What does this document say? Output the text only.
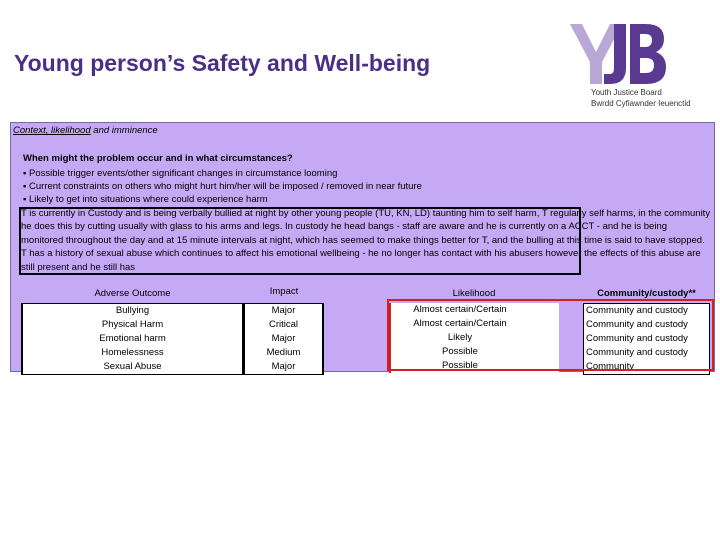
Young person’s Safety and Well-being
Youth Justice Board
Bwrdd Cyfiawnder Ieuenctid
Context, likelihood and imminence
When might the problem occur and in what circumstances?
▪ Possible trigger events/other significant changes in circumstance looming
▪ Current constraints on others who might hurt him/her will be imposed / removed in near future
▪ Likely to get into situations where could experience harm

T is currently in Custody and is being verbally bullied at night by other young people (TU, KN, LD) taunting him to self harm, T regularly self harms, in the community he does this by cutting usually with glass to his arms and legs. In custody he head bangs - staff are aware and he is currently on a ACCT - and he is being monitored throughout the day and at 15 minute intervals at night, which has seemed to make things better for T, and the bulling at this time is said to have stopped. T has a history of sexual abuse which continues to affect his emotional wellbeing - he no longer has contact with his abusers however the effects of this abuse are still present and he still has

Adverse Outcome
Bullying
Physical Harm
Emotional harm
Homelessness
Sexual Abuse
Impact
Major
Critical
Major
Medium
Major
Likelihood
Almost certain/Certain
Almost certain/Certain
Likely
Possible
Possible
Community/custody**
Community and custody
Community and custody
Community and custody
Community and custody
Community
